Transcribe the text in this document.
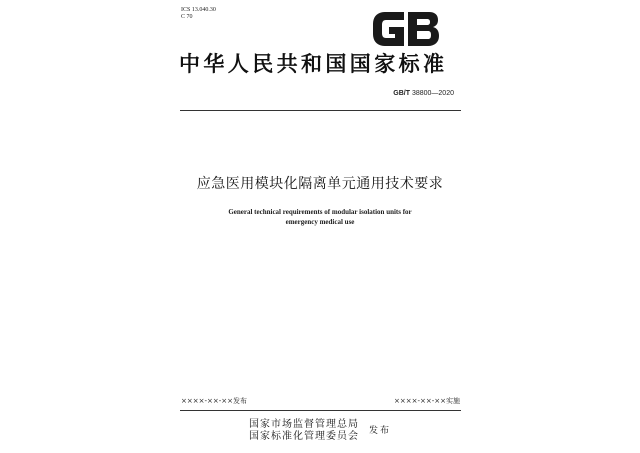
ICS 13.040.30
C 70
中华人民共和国国家标准
GB/T 38800—2020
应急医用模块化隔离单元通用技术要求
General technical requirements of modular isolation units for
emergency medical use
××××-××-××发布	××××-××-××实施
国家市场监督管理总局
国家标准化管理委员会 发布
